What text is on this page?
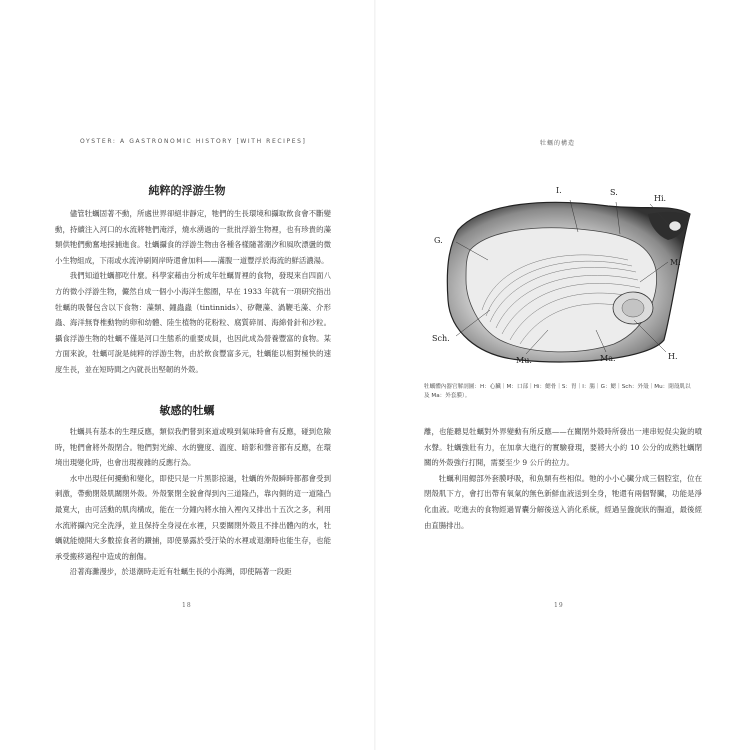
OYSTER: A GASTRONOMIC HISTORY [WITH RECIPES]
純粹的浮游生物

儘管牡蠣固著不動，所處世界卻絕非靜定，牠們的生長環境和攝取飲食會不斷變動，持續注入河口的水流將牠們淹浮，燒水湧過的一批批浮游生物裡，也有珍貴的藻類供牠們動奮地採捕進食。牡蠣攝食的浮游生物由各種各樣隨著潮汐和風吹漂盪的微小生物組成，下雨或水流沖刷岡岸時還會加料——滿腹一道豐浮於海流的鮮活濃湯。

我們知道牡蠣都吃什麼。科學家藉由分析成年牡蠣胃裡的食物，發現來自四面八方的微小浮游生物，儼然自成一個小小海洋生態圈，早在 1933 年就有一項研究指出牡蠣的吸餐包含以下食物：藻類、鐘蟲蟲（tintinnids）、矽鞭藻、渦鞭毛藻、介形蟲、海洋無脊椎動物的卵和幼體、陸生植物的花粉粒、腐質碎屑、海綿骨針和沙粒。攝食浮游生物的牡蠣不僅是河口生態系的重要成員，也因此成為營養豐富的食物。某方面來說，牡蠣可說是純粹的浮游生物，由於飲食豐富多元，牡蠣能以相對極快的速度生長，並在短時間之內就長出堅韌的外殼。

敏感的牡蠣

牡蠣具有基本的生理反應，類似我們嘗到來道或嗅到氣味時會有反應，碰到危險時，牠們會將外殼閉合。牠們對光線、水的鹽度、溫度、暗影和聲音都有反應，在環境出現變化時，也會出現複雜的反應行為。

水中出現任何擾動和變化，即使只是一片黑影掠過，牡蠣的外殼瞬時都都會受到刺激，帶動閉殼肌關閉外殼。外殼緊閉全貌會得到內三道隆凸，靠內側的這一道隆凸最寬大，由可活動的肌肉構成，能在一分鐘內將水抽入裡內又排出十五次之多，利用水流將攝內完全洗淨，並且保持全身浸在水裡，只要關閉外殼且不排出體內的水，牡蠣就能燒開大多數掠食者的鑽捕，即使暴露於受汙染的水裡或退潮時也能生存，也能承受搬移過程中造成的創傷。

沿著海灘漫步，於退潮時走近有牡蠣生長的小海灣，即使隔著一段距

18
牡蠣的構造
I.	S.
Hi.
G.
M.
Sch.
Mu.	Ma.	H.
牡蠣體內器官解剖圖：H：心臟｜M：口部｜Hi：鰓骨｜S：胃｜I：腸｜G：鰓｜Sch：外殼｜Mu：閉殼肌以及 Ma：外套膜）。

離，也能聽見牡蠣對外界變動有所反應——在關閉外殼時所發出一連串短促尖銳的噴水聲。牡蠣強壯有力，在加拿大進行的實驗發現，要將大小約 10 公分的成熟牡蠣閉關的外殼強行打開，需要至少 9 公斤的拉力。

牡蠣利用鰓部外套膜呼吸，和魚類有些相似。牠的小小心臟分成三個腔室，位在閉殼肌下方，會打出帶有氧氣的無色新鮮血液送到全身，牠還有兩個腎臟，功能是淨化血液。吃進去的食物經過胃囊分解後送入消化系統，經過呈盤旋狀的腸道，最後經由直腸排出。

19
